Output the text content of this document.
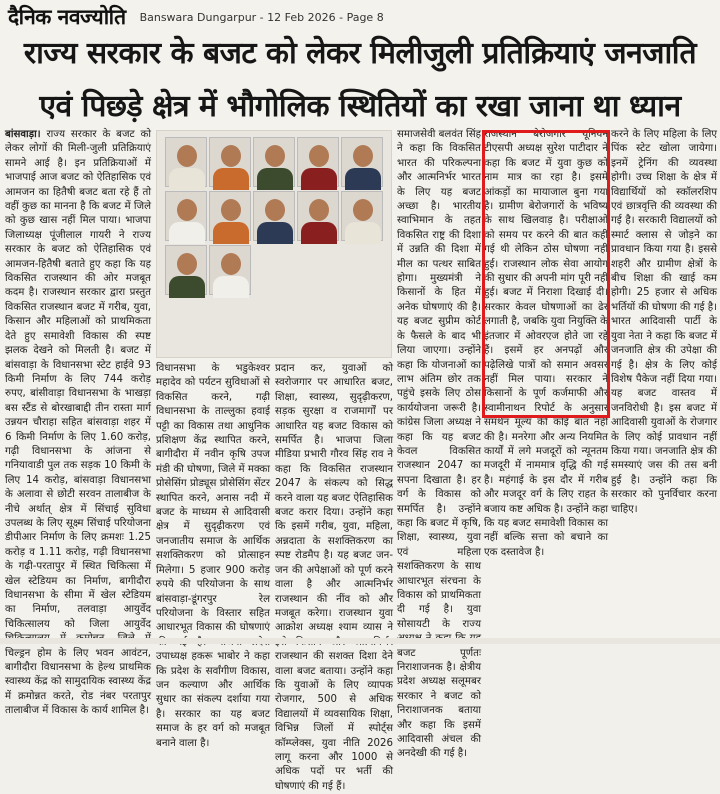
दैनिक नवज्योति Banswara Dungarpur - 12 Feb 2026 - Page 8
राज्य सरकार के बजट को लेकर मिलीजुली प्रतिक्रियाएं जनजाति
एवं पिछड़े क्षेत्र में भौगोलिक स्थितियों का रखा जाना था ध्यान

बांसवाड़ा। राज्य सरकार के बजट को लेकर लोगों की मिली-जुली प्रतिक्रियाएं सामने आई है। इन प्रतिक्रियाओं में भाजपाई आज बजट को ऐतिहासिक एवं आमजन का हितैषी बजट बता रहे हैं तो वहीं कुछ का मानना है कि बजट में जिले को कुछ खास नहीं मिल पाया। भाजपा जिलाध्यक्ष पूंजीलाल गायरी ने राज्य सरकार के बजट को ऐतिहासिक एवं आमजन-हितैषी बताते हुए कहा कि यह विकसित राजस्थान की ओर मजबूत कदम है। राजस्थान सरकार द्वारा प्रस्तुत विकसित राजस्थान बजट में गरीब, युवा, किसान और महिलाओं को प्राथमिकता देते हुए समावेशी विकास की स्पष्ट झलक देखने को मिलती है। बजट में बांसवाड़ा के विधानसभा स्टेट हाईवे 93 किमी निर्माण के लिए 744 करोड़ रुपए, बांसीवाड़ा विधानसभा के भाखड़ा बस स्टैंड से बोरखाबाद्दी तीन रास्ता मार्ग उन्नयन चौराहा सहित बांसवाड़ा शहर में 6 किमी निर्माण के लिए 1.60 करोड़, गढ़ी विधानसभा के आंजना से गनियावाडी पुल तक सड़क 10 किमी के लिए 14 करोड़, बांसवाड़ा विधानसभा के अलावा से छोटी सरवन तालाबीज के नीचे अर्थात् क्षेत्र में सिंचाई सुविधा उपलब्ध के लिए सूक्ष्म सिंचाई परियोजना डीपीआर निर्माण के लिए क्रमशः 1.25 करोड़ व 1.11 करोड़, गढ़ी विधानसभा के गढ़ी-परतापुर में स्थित चिकित्सा में खेल स्टेडियम का निर्माण, बागीदौरा विधानसभा के सीमा में खेल स्टेडियम का निर्माण, तलवाड़ा आयुर्वेद चिकित्सालय को जिला आयुर्वेद चिल्ड्रन होम के लिए भवन आवंटन, बागीदौरा विधानसभा के हेल्थ प्राथमिक स्वास्थ्य केंद्र को सामुदायिक स्वास्थ्य केंद्र में क्रमोन्नत करते, रोड नंबर परतापुर तालाबीज में विकास के कार्य शामिल है।

विधानसभा के भडुकेश्वर महादेव को पर्यटन सुविधाओं से विकसित करने, गढ़ी विधानसभा के ताल्लुका हवाई पट्टी का विकास तथा आधुनिक प्रशिक्षण केंद्र स्थापित करने, बागीदौरा में नवीन कृषि उपज मंडी की घोषणा, जिले में मक्का प्रोसेसिंग प्रोड्यूस प्रोसेसिंग सेंटर स्थापित करने, अनास नदी में बजट के माध्यम से आदिवासी क्षेत्र में सुदृढ़ीकरण एवं जनजातीय समाज के आर्थिक सशक्तिकरण को प्रोत्साहन मिलेगा। 5 हजार 900 करोड़ रुपये की परियोजना के साथ बांसवाड़ा-डूंगरपुर रेल परियोजना के विस्तार सहित आधारभूत विकास की घोषणाएं उपाध्यक्ष हकरू भाबोर ने कहा कि प्रदेश के सर्वांगीण विकास, जन कल्याण और आर्थिक सुधार का संकल्प दर्शाया गया है। सरकार का यह बजट समाज के हर वर्ग को मजबूत बनाने वाला है।

प्रदान कर, युवाओं को स्वरोजगार पर आधारित बजट, शिक्षा, स्वास्थ्य, सुदृढ़ीकरण, सड़क सुरक्षा व राजमार्गों पर आधारित यह बजट विकास को समर्पित है। भाजपा जिला मीडिया प्रभारी गौरव सिंह राव ने कहा कि विकसित राजस्थान 2047 के संकल्प को सिद्ध करने वाला यह बजट ऐतिहासिक बजट करार दिया। उन्होंने कहा कि इसमें गरीब, युवा, महिला, अन्नदाता के सशक्तिकरण का स्पष्ट रोडमैप है। यह बजट जन-जन की अपेक्षाओं को पूर्ण करने वाला है और आत्मनिर्भर राजस्थान की नींव को और मजबूत करेगा। राजस्थान युवा आक्रोश अध्यक्ष श्याम व्यास ने राजस्थान की सशक्त दिशा देने वाला बजट बताया। उन्होंने कहा कि युवाओं के लिए व्यापक रोजगार, 500 से अधिक विद्यालयों में व्यवसायिक शिक्षा, विभिन्न जिलों में स्पोर्ट्स कॉम्प्लेक्स, युवा नीति 2026 लागू करना और 1000 से अधिक पदों पर भर्ती की घोषणाएं की गई हैं।

समाजसेवी बलवंत सिंह ने कहा कि विकसित भारत की परिकल्पना और आत्मनिर्भर भारत के लिए यह बजट अच्छा है। भारतीय स्वाभिमान के तहत विकसित राष्ट्र की दिशा में उन्नति की दिशा में मील का पत्थर साबित होगा। मुख्यमंत्री ने किसानों के हित में अनेक घोषणाएं की है। यह बजट सुप्रीम कोर्ट के फैसले के बाद भी लिया जाएगा। उन्होंने कहा कि योजनाओं का लाभ अंतिम छोर तक पहुंचे इसके लिए ठोस कार्ययोजना जरूरी है। कांग्रेस जिला अध्यक्ष ने कहा कि यह बजट केवल विकसित राजस्थान 2047 का सपना दिखाता है। हर वर्ग के विकास को समर्पित है। उन्होंने कहा कि बजट में कृषि, शिक्षा, स्वास्थ्य, युवा एवं महिला सशक्तिकरण के साथ आधारभूत संरचना के विकास को प्राथमिकता दी गई है। युवा सोसायटी के राज्य बजट पूर्णतः निराशाजनक है। क्षेत्रीय प्रदेश अध्यक्ष सलूमबर सरकार ने बजट को निराशाजनक बताया और कहा कि इसमें आदिवासी अंचल की अनदेखी की गई है।

राजस्थान बेरोजगार यूनियन टीएसपी अध्यक्ष सुरेश पाटीदार ने कहा कि बजट में युवा कुछ को नाम मात्र का रहा है। इसमें आंकड़ों का मायाजाल बुना गया है। ग्रामीण बेरोजगारों के भविष्य के साथ खिलवाड़ है। परीक्षाओं को समय पर करने की बात कही गई थी लेकिन ठोस घोषणा नहीं हुई। राजस्थान लोक सेवा आयोग की सुधार की अपनी मांग पूरी नहीं हुई। बजट में निराशा दिखाई दी। सरकार केवल घोषणाओं का ढेर लगाती है, जबकि युवा नियुक्ति के इंतजार में ओवरएज होते जा रहे हैं। इसमें हर अनपढ़ों और पढ़ेलिखे पात्रों को समान अवसर नहीं मिल पाया। सरकार ने किसानों के पूर्ण कर्जमाफी और स्वामीनाथन रिपोर्ट के अनुसार समर्थन मूल्य की कोई बात नहीं की है। मनरेगा और अन्य नियमित कार्यों में लगे मजदूरों को न्यूनतम मजदूरी में नाममात्र वृद्धि की गई है। महंगाई के इस दौर में गरीब और मजदूर वर्ग के लिए राहत के बजाय कष्ट अधिक है। उन्होंने कहा कि यह बजट समावेशी विकास का नहीं बल्कि सत्ता को बचाने का एक दस्तावेज है।

करने के लिए महिला के लिए पिंक स्टेट खोला जायेगा। इनमें ट्रेनिंग की व्यवस्था होगी। उच्च शिक्षा के क्षेत्र में विद्यार्थियों को स्कॉलरशिप एवं छात्रवृत्ति की व्यवस्था की गई है। सरकारी विद्यालयों को स्मार्ट क्लास से जोड़ने का प्रावधान किया गया है। इससे शहरी और ग्रामीण क्षेत्रों के बीच शिक्षा की खाई कम होगी। 25 हजार से अधिक भर्तियों की घोषणा की गई है। भारत आदिवासी पार्टी के युवा नेता ने कहा कि बजट में जनजाति क्षेत्र की उपेक्षा की गई है। क्षेत्र के लिए कोई विशेष पैकेज नहीं दिया गया। यह बजट वास्तव में जनविरोधी है। इस बजट में आदिवासी युवाओं के रोजगार के लिए कोई प्रावधान नहीं किया गया। जनजाति क्षेत्र की समस्याएं जस की तस बनी हुई है। उन्होंने कहा कि सरकार को पुनर्विचार करना चाहिए।
